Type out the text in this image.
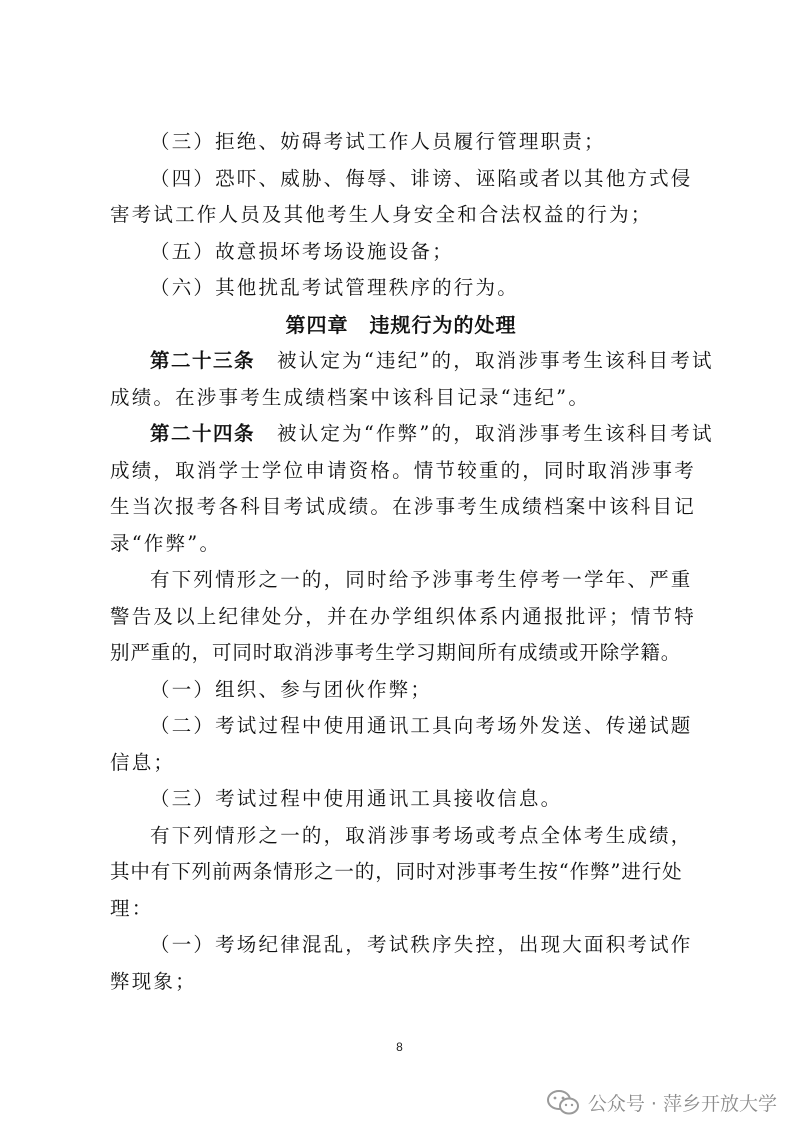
（三）拒绝、妨碍考试工作人员履行管理职责；
（四）恐吓、威胁、侮辱、诽谤、诬陷或者以其他方式侵
害考试工作人员及其他考生人身安全和合法权益的行为；
（五）故意损坏考场设施设备；
（六）其他扰乱考试管理秩序的行为。
第四章　违规行为的处理
第二十三条 被认定为“违纪”的，取消涉事考生该科目考试
成绩。在涉事考生成绩档案中该科目记录“违纪”。
第二十四条 被认定为“作弊”的，取消涉事考生该科目考试
成绩，取消学士学位申请资格。情节较重的，同时取消涉事考
生当次报考各科目考试成绩。在涉事考生成绩档案中该科目记
录“作弊”。
有下列情形之一的，同时给予涉事考生停考一学年、严重
警告及以上纪律处分，并在办学组织体系内通报批评；情节特
别严重的，可同时取消涉事考生学习期间所有成绩或开除学籍。
（一）组织、参与团伙作弊；
（二）考试过程中使用通讯工具向考场外发送、传递试题
信息；
（三）考试过程中使用通讯工具接收信息。
有下列情形之一的，取消涉事考场或考点全体考生成绩，
其中有下列前两条情形之一的，同时对涉事考生按“作弊”进行处
理：
（一）考场纪律混乱，考试秩序失控，出现大面积考试作
弊现象；
8
公众号 · 萍乡开放大学
